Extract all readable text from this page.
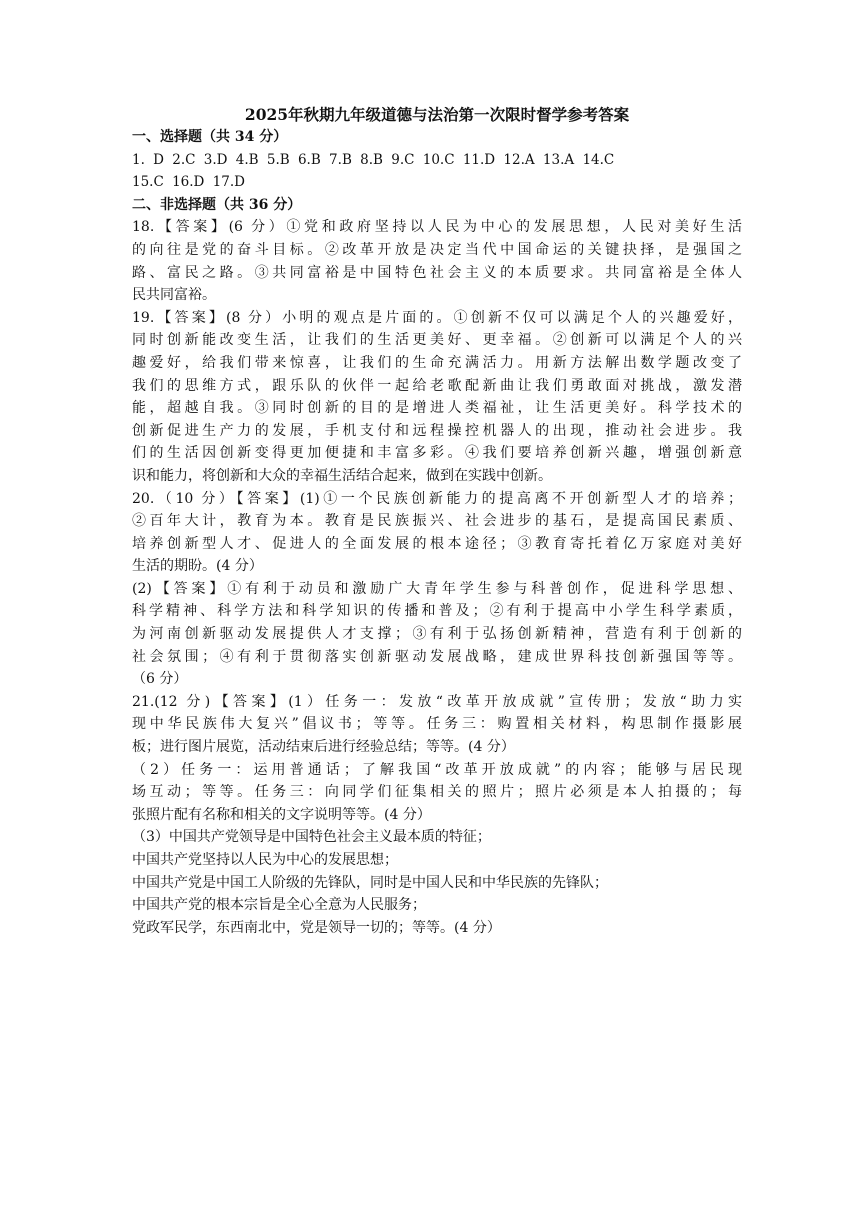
2025年秋期九年级道德与法治第一次限时督学参考答案
一、选择题（共 34 分）
1. D 2.C 3.D 4.B 5.B 6.B 7.B 8.B 9.C 10.C 11.D 12.A 13.A 14.C
15.C 16.D 17.D
二、非选择题（共 36 分）
18.【答案】(6 分）①党和政府坚持以人民为中心的发展思想，人民对美好生活
的向往是党的奋斗目标。②改革开放是决定当代中国命运的关键抉择，是强国之
路、富民之路。③共同富裕是中国特色社会主义的本质要求。共同富裕是全体人
民共同富裕。
19.【答案】(8 分）小明的观点是片面的。①创新不仅可以满足个人的兴趣爱好，
同时创新能改变生活，让我们的生活更美好、更幸福。②创新可以满足个人的兴
趣爱好，给我们带来惊喜，让我们的生命充满活力。用新方法解出数学题改变了
我们的思维方式，跟乐队的伙伴一起给老歌配新曲让我们勇敢面对挑战，激发潜
能，超越自我。③同时创新的目的是增进人类福祉，让生活更美好。科学技术的
创新促进生产力的发展，手机支付和远程操控机器人的出现，推动社会进步。我
们的生活因创新变得更加便捷和丰富多彩。④我们要培养创新兴趣，增强创新意
识和能力，将创新和大众的幸福生活结合起来，做到在实践中创新。
20.（10 分）【答案】(1)①一个民族创新能力的提高离不开创新型人才的培养；
②百年大计，教育为本。教育是民族振兴、社会进步的基石，是提高国民素质、
培养创新型人才、促进人的全面发展的根本途径；③教育寄托着亿万家庭对美好
生活的期盼。(4 分）
(2)【答案】①有利于动员和激励广大青年学生参与科普创作，促进科学思想、
科学精神、科学方法和科学知识的传播和普及；②有利于提高中小学生科学素质，
为河南创新驱动发展提供人才支撑；③有利于弘扬创新精神，营造有利于创新的
社会氛围；④有利于贯彻落实创新驱动发展战略，建成世界科技创新强国等等。
（6 分）
21.(12 分)【答案】(1）任务一：发放“改革开放成就”宣传册；发放“助力实
现中华民族伟大复兴”倡议书；等等。任务三：购置相关材料，构思制作摄影展
板；进行图片展览，活动结束后进行经验总结；等等。(4 分）
（2）任务一：运用普通话；了解我国“改革开放成就”的内容；能够与居民现
场互动；等等。任务三：向同学们征集相关的照片；照片必须是本人拍摄的；每
张照片配有名称和相关的文字说明等等。(4 分）
（3）中国共产党领导是中国特色社会主义最本质的特征；
中国共产党坚持以人民为中心的发展思想；
中国共产党是中国工人阶级的先锋队，同时是中国人民和中华民族的先锋队；
中国共产党的根本宗旨是全心全意为人民服务；
党政军民学，东西南北中，党是领导一切的；等等。(4 分）
